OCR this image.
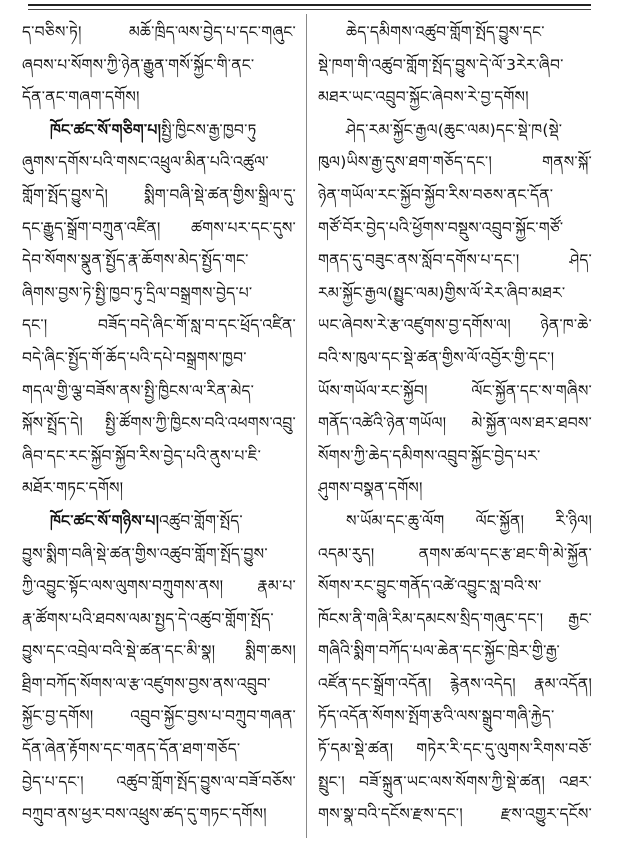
ད་བཅིས་ཏེ། མཆོ་ཁྲིད་ལས་བྱེད་པ་དང་གཞུང་
ཞབས་པ་སོགས་ཀྱི་ཉེན་རྒྱུན་གསོ་སྐྱོང་གི་ནང་
དོན་ནང་གཞག་དགོས།
ཁོང་ཚང་སོ་གཅིག་པ།སྤྱི་ཁྱིངས་རྒྱ་ཁྱབ་ཏུ
ཞུགས་དགོས་པའི་གསང་འཕྲུལ་མིན་པའི་འཚུལ་
གློག་སྤོད་བྱུས་དེ། སྨིག་བཞི་སྡེ་ཚན་གྱིས་སྒྲིལ་དུ་
དང་རྒྱུད་སྒྲོག་བཀྲུན་འཛིན། ཚགས་པར་དང་དུས་
དེབ་སོགས་སྣུན་སྤྱོད་རྣ་ཆོགས་མེད་སྤྱོད་གང་
ཞིགས་བྱས་ཏེ་སྤྱི་ཁྱབ་ཏུ་དྲིལ་བསྒྲགས་བྱེད་པ་
དང་། བཟོད་བདེ་ཞིང་གོ་སླ་བ་དང་ཕྲོད་འཛིན་
བདེ་ཞིང་སྤྱོད་གོ་ཆོད་པའི་དཔེ་བསྒྲགས་ཁྱབ་
གདལ་གྱི་ལྕ་བཟོས་ནས་སྤྱི་ཁྱིངས་ལ་རིན་མེད་
སྐོས་སྤྲོད་དེ། སྤྱི་ཚོགས་ཀྱི་ཁྱིངས་བའི་འཕགས་འབྲུ་
ཞིབ་དང་རང་སྐྱོབ་སྐྱོབ་རིས་བྱེད་པའི་ནུས་པ་ཇི་
མཐོར་གཏང་དགོས།
ཁོང་ཚང་སོ་གཉིས་པ།འཚུབ་གློག་སྤོད་
བྱུས་སྨིག་བཞི་སྡེ་ཚན་གྱིས་འཚུབ་གློག་སྤོད་བྱུས་
ཀྱི་འབྱུང་སྟོང་ལས་ལུགས་བཀྲུགས་ནས། རྣམ་པ་
རྣ་ཚོགས་པའི་ཐབས་ལམ་སྤྱད་དེ་འཚུབ་གློག་སྤོད་
བྱུས་དང་འབྲེལ་བའི་སྡེ་ཚན་དང་མི་སྣ། སྨིག་ཆས།
ཐྲིག་བཀོད་སོགས་ལ་རྩ་འཛུགས་བྱས་ནས་འབྲུབ་
སྐྱོང་བྱ་དགོས། འབྲུབ་སྐྱོང་བྱས་པ་བཀྲུབ་གཞན་
དོན་ཞེན་རྟོགས་དང་གནད་དོན་ཐག་གཅོད་
བྱེད་པ་དང་། འཚུབ་གློག་སྤོད་བྱུས་ལ་བཟོ་བཅོས་
བཀྲུབ་ནས་ཕྱར་བས་འཕྲུས་ཚད་དུ་གཏང་དགོས།
ཆེད་དམིགས་འཚུབ་གློག་སྤོད་བྱུས་དང་
སྡེ་ཁག་གི་འཚུབ་གློག་སྤོད་བྱུས་དེ་ལོ་3རེར་ཞིབ་
མཐར་ཡང་འབྲུབ་སྐྱོང་ཞེབས་རེ་བྱ་དགོས།
ཤེད་རམ་སྐྱོང་རྒྱལ(ཆུང་ལམ)དང་སྡེ་ཁ(སྡེ་
ཁུལ)ཡིས་རྒྱ་དུས་ཐག་གཅོད་དང་། གནས་སྐོ་
ཉེན་གཡོལ་རང་སྐྱོབ་སྐྱོབ་རིས་བཅས་ནང་དོན་
གཙོ་བོར་བྱེད་པའི་ཕྱོགས་བསྡུས་འབྲུབ་སྐྱོང་གཙོ་
གནད་དུ་བཟུང་ནས་སློབ་དགོས་པ་དང་། ཤེད་
རམ་སྐྱོང་རྒྱལ(སྤྱུང་ལམ)གྱིས་ལོ་རེར་ཞིབ་མཐར་
ཡང་ཞེབས་རེ་རྩ་འཛུགས་བྱ་དགོས་ལ། ཉེན་ཁ་ཆེ་
བའི་ས་ཁུལ་དང་སྡེ་ཚན་གྱིས་ལོ་འབྱོར་གྱི་དང་།
ཡོས་གཡོལ་རང་སྐྱོབ། ལོང་སྐྱོན་དང་ས་གཞིས་
གནོད་འཚེའི་ཉེན་གཡོལ། མེ་སྐྱོན་ལས་ཐར་ཐབས་
སོགས་ཀྱི་ཆེད་དམིགས་འབྲུབ་སྐྱོང་བྱེད་པར་
ཤུགས་བསྣན་དགོས།
ས་ཡོམ་དང་ཆུ་ལོག ལོང་སྐྱོན། རི་ཉིལ།
འདམ་རུད། ནགས་ཚལ་དང་རྩ་ཐང་གི་མེ་སྐྱོན་
སོགས་རང་བྱུང་གནོད་འཚེ་འབྱུང་སླ་བའི་ས་
ཁོངས་ནི་གཞི་རིམ་དམངས་སྲིད་གཞུང་དང་། རྒྱང་
གཞིའི་སྨིག་བཀོད་པལ་ཆེན་དང་སྐྱོང་ཁྲེར་གྱི་རྒྱ་
འཛོན་དང་སྒྲོག་འདོན། རྙེནས་འདེད། རྣམ་འདོན།
ཏོད་འདོན་སོགས་སྤོག་རྩའི་ལས་སྒྲུབ་གཞི་རྐྱེད་
ཏོ་དམ་སྡེ་ཚན། གཏེར་རི་དང་དུ་ལུགས་རིགས་བཅོ་
སྤྲུང་། བཟོ་སྐྲུན་ཡང་ལས་སོགས་ཀྱི་སྡེ་ཚན། འཐར་
གས་སྣ་བའི་དངོས་རྫས་དང་། རྫས་འགྱུར་དངོས་
